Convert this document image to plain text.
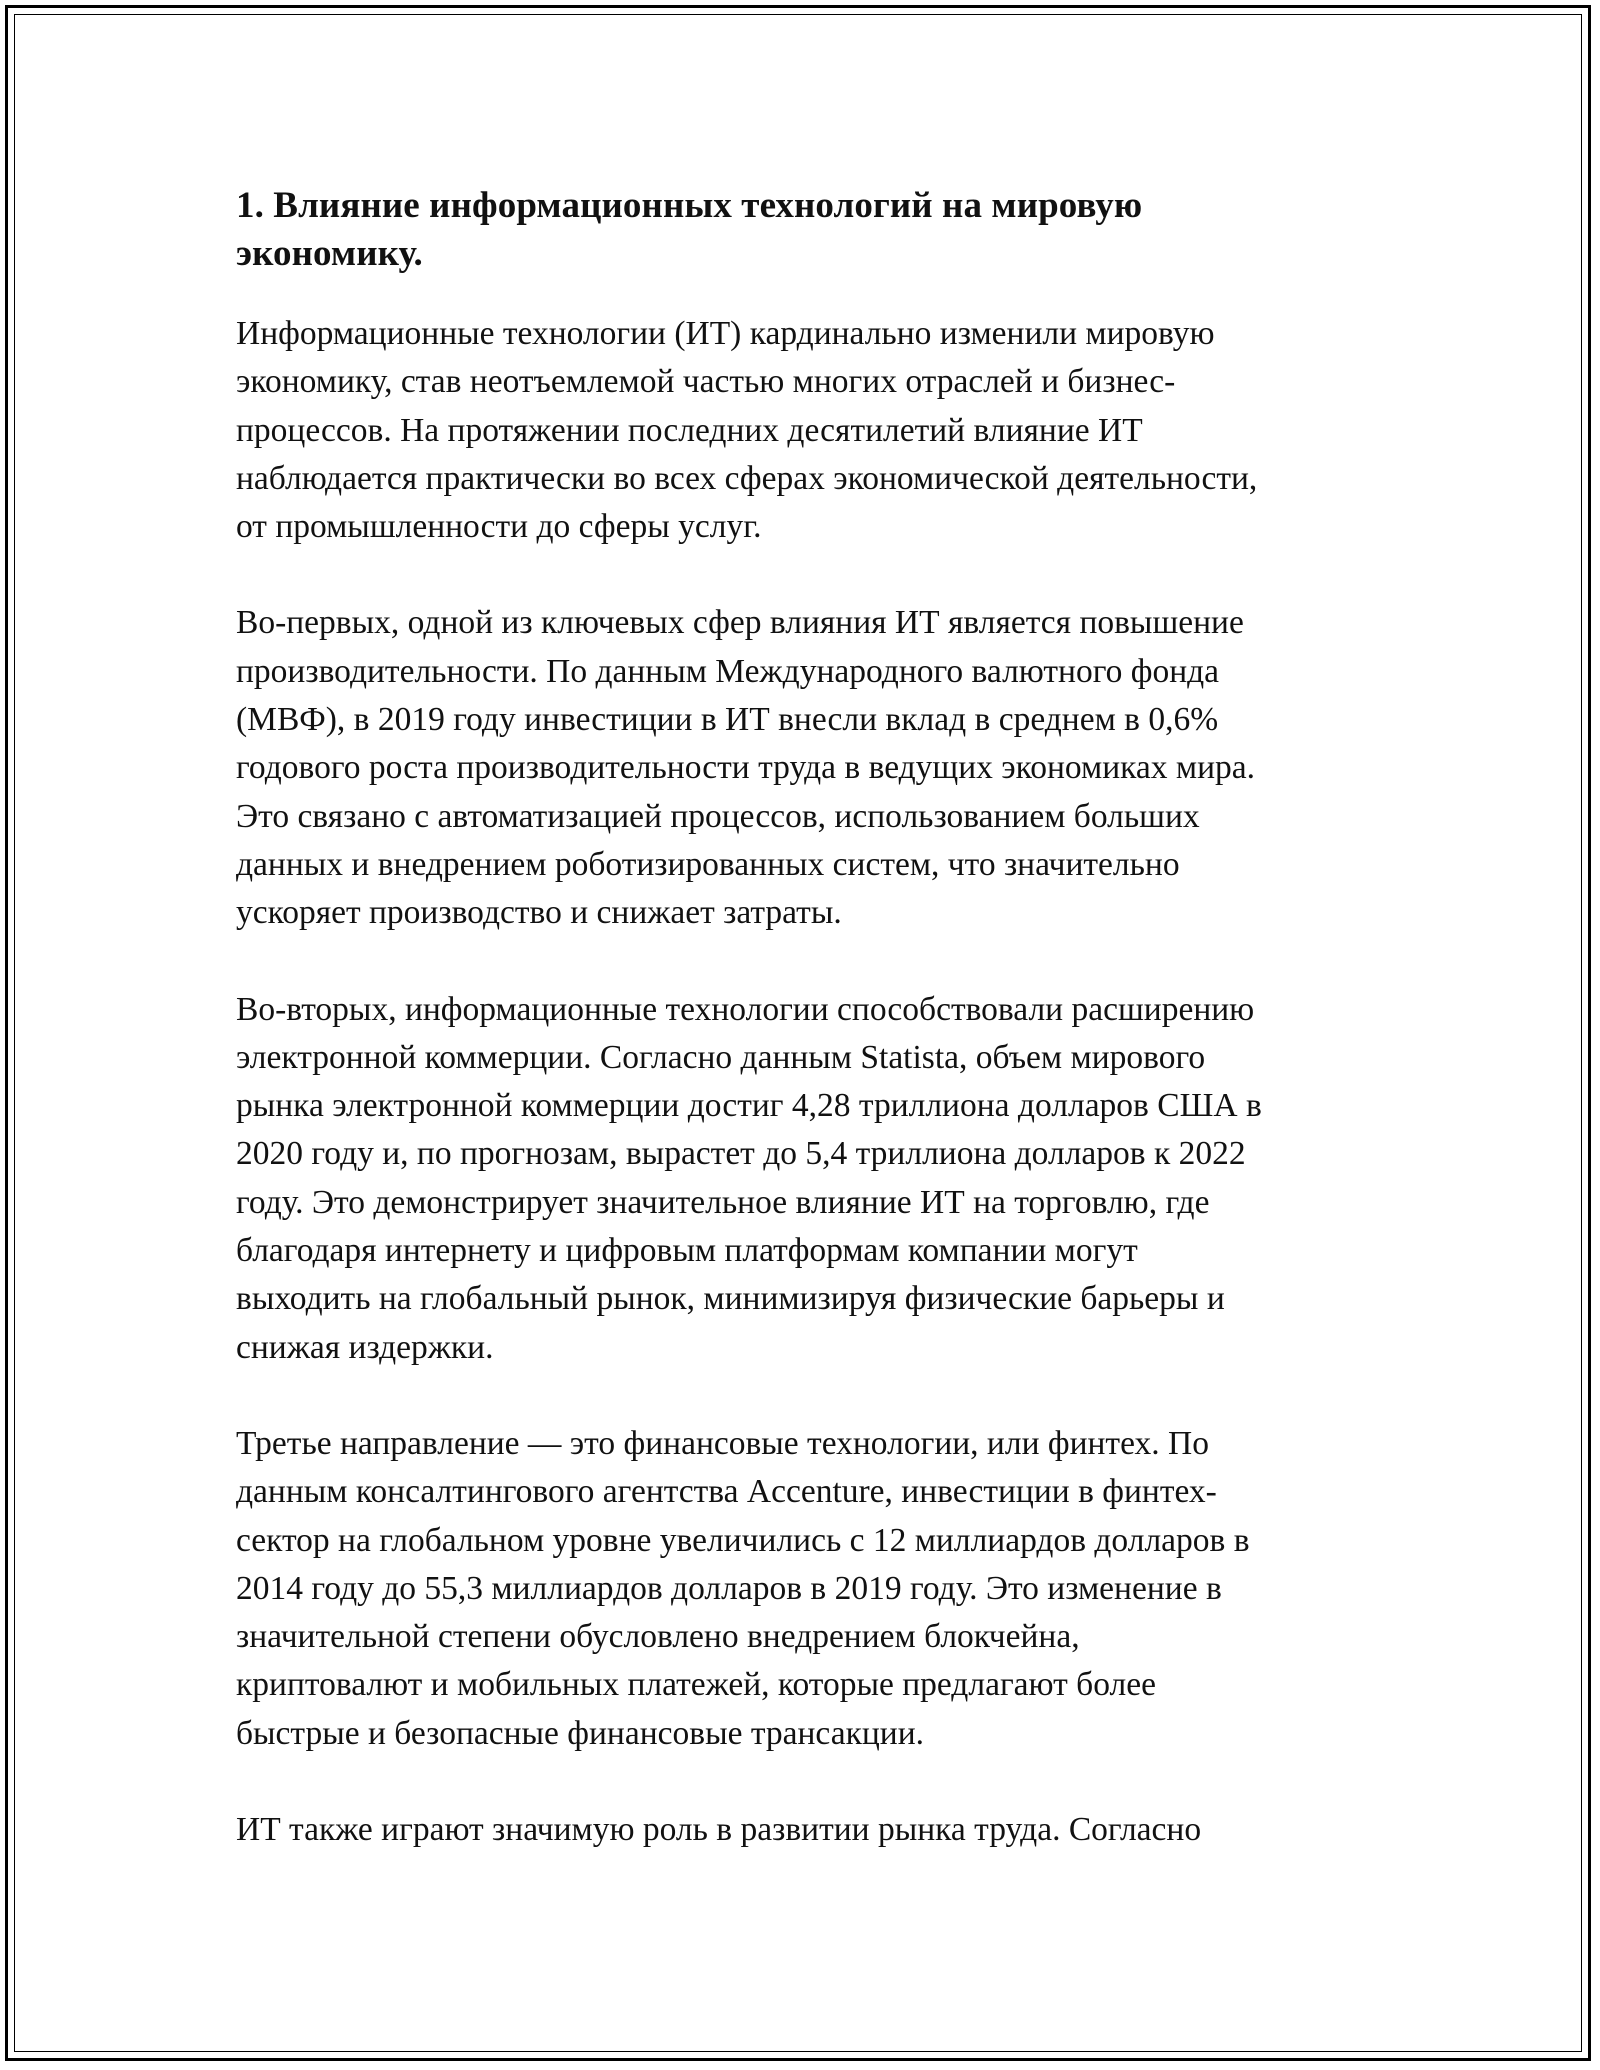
1. Влияние информационных технологий на мировую
экономику.

Информационные технологии (ИТ) кардинально изменили мировую
экономику, став неотъемлемой частью многих отраслей и бизнес-
процессов. На протяжении последних десятилетий влияние ИТ
наблюдается практически во всех сферах экономической деятельности,
от промышленности до сферы услуг.

Во-первых, одной из ключевых сфер влияния ИТ является повышение
производительности. По данным Международного валютного фонда
(МВФ), в 2019 году инвестиции в ИТ внесли вклад в среднем в 0,6%
годового роста производительности труда в ведущих экономиках мира.
Это связано с автоматизацией процессов, использованием больших
данных и внедрением роботизированных систем, что значительно
ускоряет производство и снижает затраты.

Во-вторых, информационные технологии способствовали расширению
электронной коммерции. Согласно данным Statista, объем мирового
рынка электронной коммерции достиг 4,28 триллиона долларов США в
2020 году и, по прогнозам, вырастет до 5,4 триллиона долларов к 2022
году. Это демонстрирует значительное влияние ИТ на торговлю, где
благодаря интернету и цифровым платформам компании могут
выходить на глобальный рынок, минимизируя физические барьеры и
снижая издержки.

Третье направление — это финансовые технологии, или финтех. По
данным консалтингового агентства Accenture, инвестиции в финтех-
сектор на глобальном уровне увеличились с 12 миллиардов долларов в
2014 году до 55,3 миллиардов долларов в 2019 году. Это изменение в
значительной степени обусловлено внедрением блокчейна,
криптовалют и мобильных платежей, которые предлагают более
быстрые и безопасные финансовые трансакции.

ИТ также играют значимую роль в развитии рынка труда. Согласно
